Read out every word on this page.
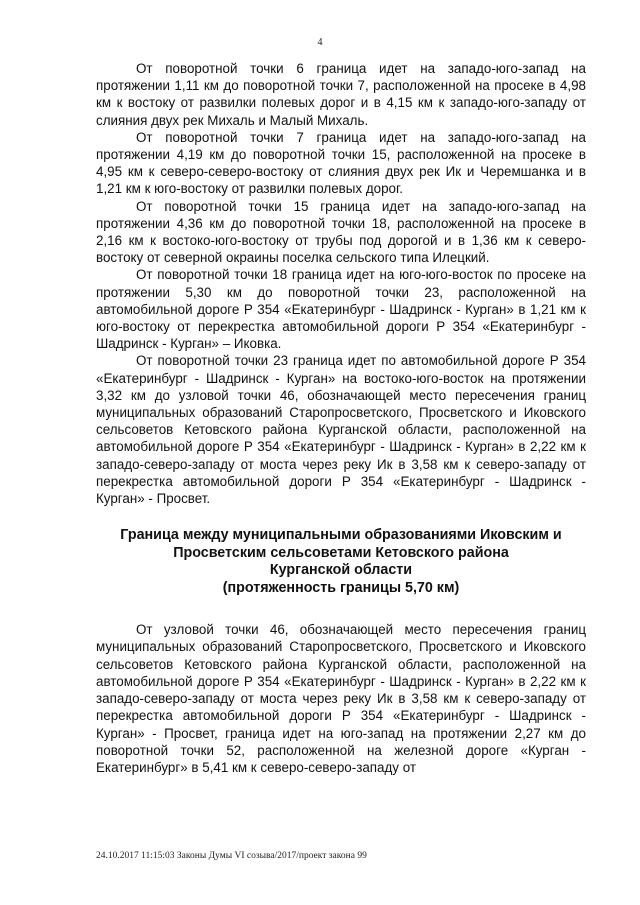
4

От поворотной точки 6 граница идет на западо-юго-запад на протяжении 1,11 км до поворотной точки 7, расположенной на просеке в 4,98 км к востоку от развилки полевых дорог и в 4,15 км к западо-юго-западу от слияния двух рек Михаль и Малый Михаль.

От поворотной точки 7 граница идет на западо-юго-запад на протяжении 4,19 км до поворотной точки 15, расположенной на просеке в 4,95 км к северо-северо-востоку от слияния двух рек Ик и Черемшанка и в 1,21 км к юго-востоку от развилки полевых дорог.

От поворотной точки 15 граница идет на западо-юго-запад на протяжении 4,36 км до поворотной точки 18, расположенной на просеке в 2,16 км к востоко-юго-востоку от трубы под дорогой и в 1,36 км к северо-востоку от северной окраины поселка сельского типа Илецкий.

От поворотной точки 18 граница идет на юго-юго-восток по просеке на протяжении 5,30 км до поворотной точки 23, расположенной на автомобильной дороге Р 354 «Екатеринбург - Шадринск - Курган» в 1,21 км к юго-востоку от перекрестка автомобильной дороги Р 354 «Екатеринбург - Шадринск - Курган» – Иковка.

От поворотной точки 23 граница идет по автомобильной дороге Р 354 «Екатеринбург - Шадринск - Курган» на востоко-юго-восток на протяжении 3,32 км до узловой точки 46, обозначающей место пересечения границ муниципальных образований Старопросветского, Просветского и Иковского сельсоветов Кетовского района Курганской области, расположенной на автомобильной дороге Р 354 «Екатеринбург - Шадринск - Курган» в 2,22 км к западо-северо-западу от моста через реку Ик в 3,58 км к северо-западу от перекрестка автомобильной дороги Р 354 «Екатеринбург - Шадринск - Курган» - Просвет.

Граница между муниципальными образованиями Иковским и

Просветским сельсоветами Кетовского района

Курганской области

(протяженность границы 5,70 км)

От узловой точки 46, обозначающей место пересечения границ муниципальных образований Старопросветского, Просветского и Иковского сельсоветов Кетовского района Курганской области, расположенной на автомобильной дороге Р 354 «Екатеринбург - Шадринск - Курган» в 2,22 км к западо-северо-западу от моста через реку Ик в 3,58 км к северо-западу от перекрестка автомобильной дороги Р 354 «Екатеринбург - Шадринск - Курган» - Просвет, граница идет на юго-запад на протяжении 2,27 км до поворотной точки 52, расположенной на железной дороге «Курган - Екатеринбург» в 5,41 км к северо-северо-западу от

24.10.2017 11:15:03 Законы Думы VI созыва/2017/проект закона 99
